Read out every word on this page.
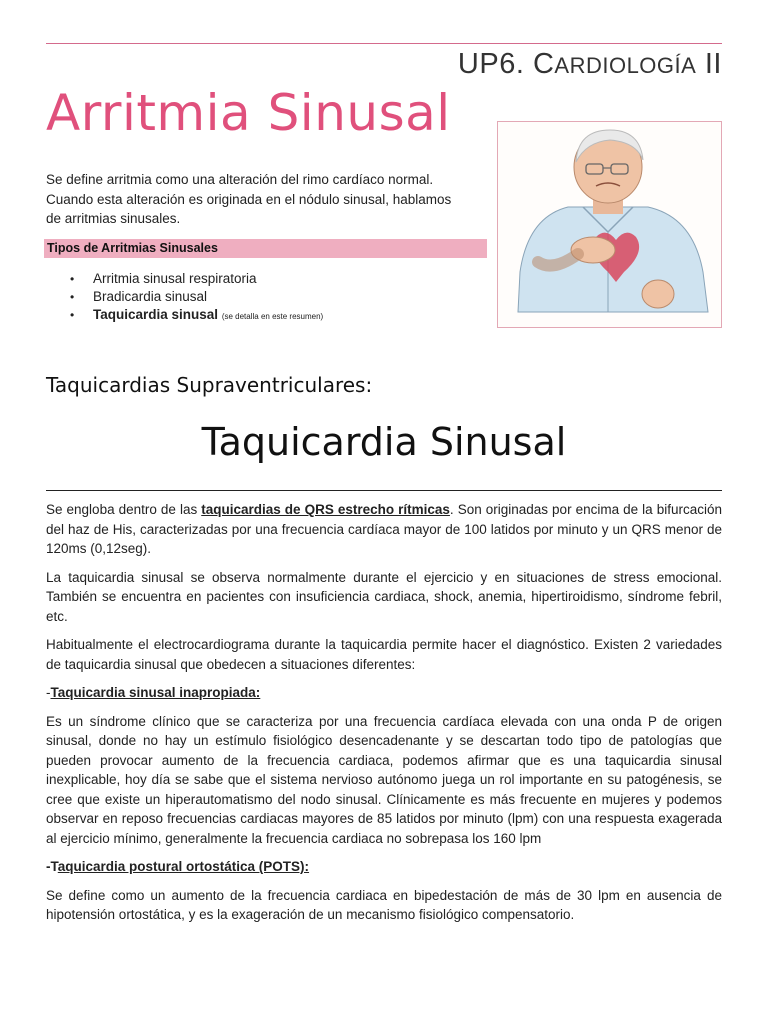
UP6. CARDIOLOGÍA II
Arritmia Sinusal
Se define arritmia como una alteración del rimo cardíaco normal. Cuando esta alteración es originada en el nódulo sinusal, hablamos de arritmias sinusales.
Tipos de Arritmias Sinusales
• Arritmia sinusal respiratoria
• Bradicardia sinusal
• Taquicardia sinusal (se detalla en este resumen)
Taquicardias Supraventriculares:
Taquicardia Sinusal

Se engloba dentro de las taquicardias de QRS estrecho rítmicas. Son originadas por encima de la bifurcación del haz de His, caracterizadas por una frecuencia cardíaca mayor de 100 latidos por minuto y un QRS menor de 120ms (0,12seg).

La taquicardia sinusal se observa normalmente durante el ejercicio y en situaciones de stress emocional. También se encuentra en pacientes con insuficiencia cardiaca, shock, anemia, hipertiroidismo, síndrome febril, etc.

Habitualmente el electrocardiograma durante la taquicardia permite hacer el diagnóstico. Existen 2 variedades de taquicardia sinusal que obedecen a situaciones diferentes:

-Taquicardia sinusal inapropiada:

Es un síndrome clínico que se caracteriza por una frecuencia cardíaca elevada con una onda P de origen sinusal, donde no hay un estímulo fisiológico desencadenante y se descartan todo tipo de patologías que pueden provocar aumento de la frecuencia cardiaca, podemos afirmar que es una taquicardia sinusal inexplicable, hoy día se sabe que el sistema nervioso autónomo juega un rol importante en su patogénesis, se cree que existe un hiperautomatismo del nodo sinusal. Clínicamente es más frecuente en mujeres y podemos observar en reposo frecuencias cardiacas mayores de 85 latidos por minuto (lpm) con una respuesta exagerada al ejercicio mínimo, generalmente la frecuencia cardiaca no sobrepasa los 160 lpm

-Taquicardia postural ortostática (POTS):

Se define como un aumento de la frecuencia cardiaca en bipedestación de más de 30 lpm en ausencia de hipotensión ortostática, y es la exageración de un mecanismo fisiológico compensatorio.
